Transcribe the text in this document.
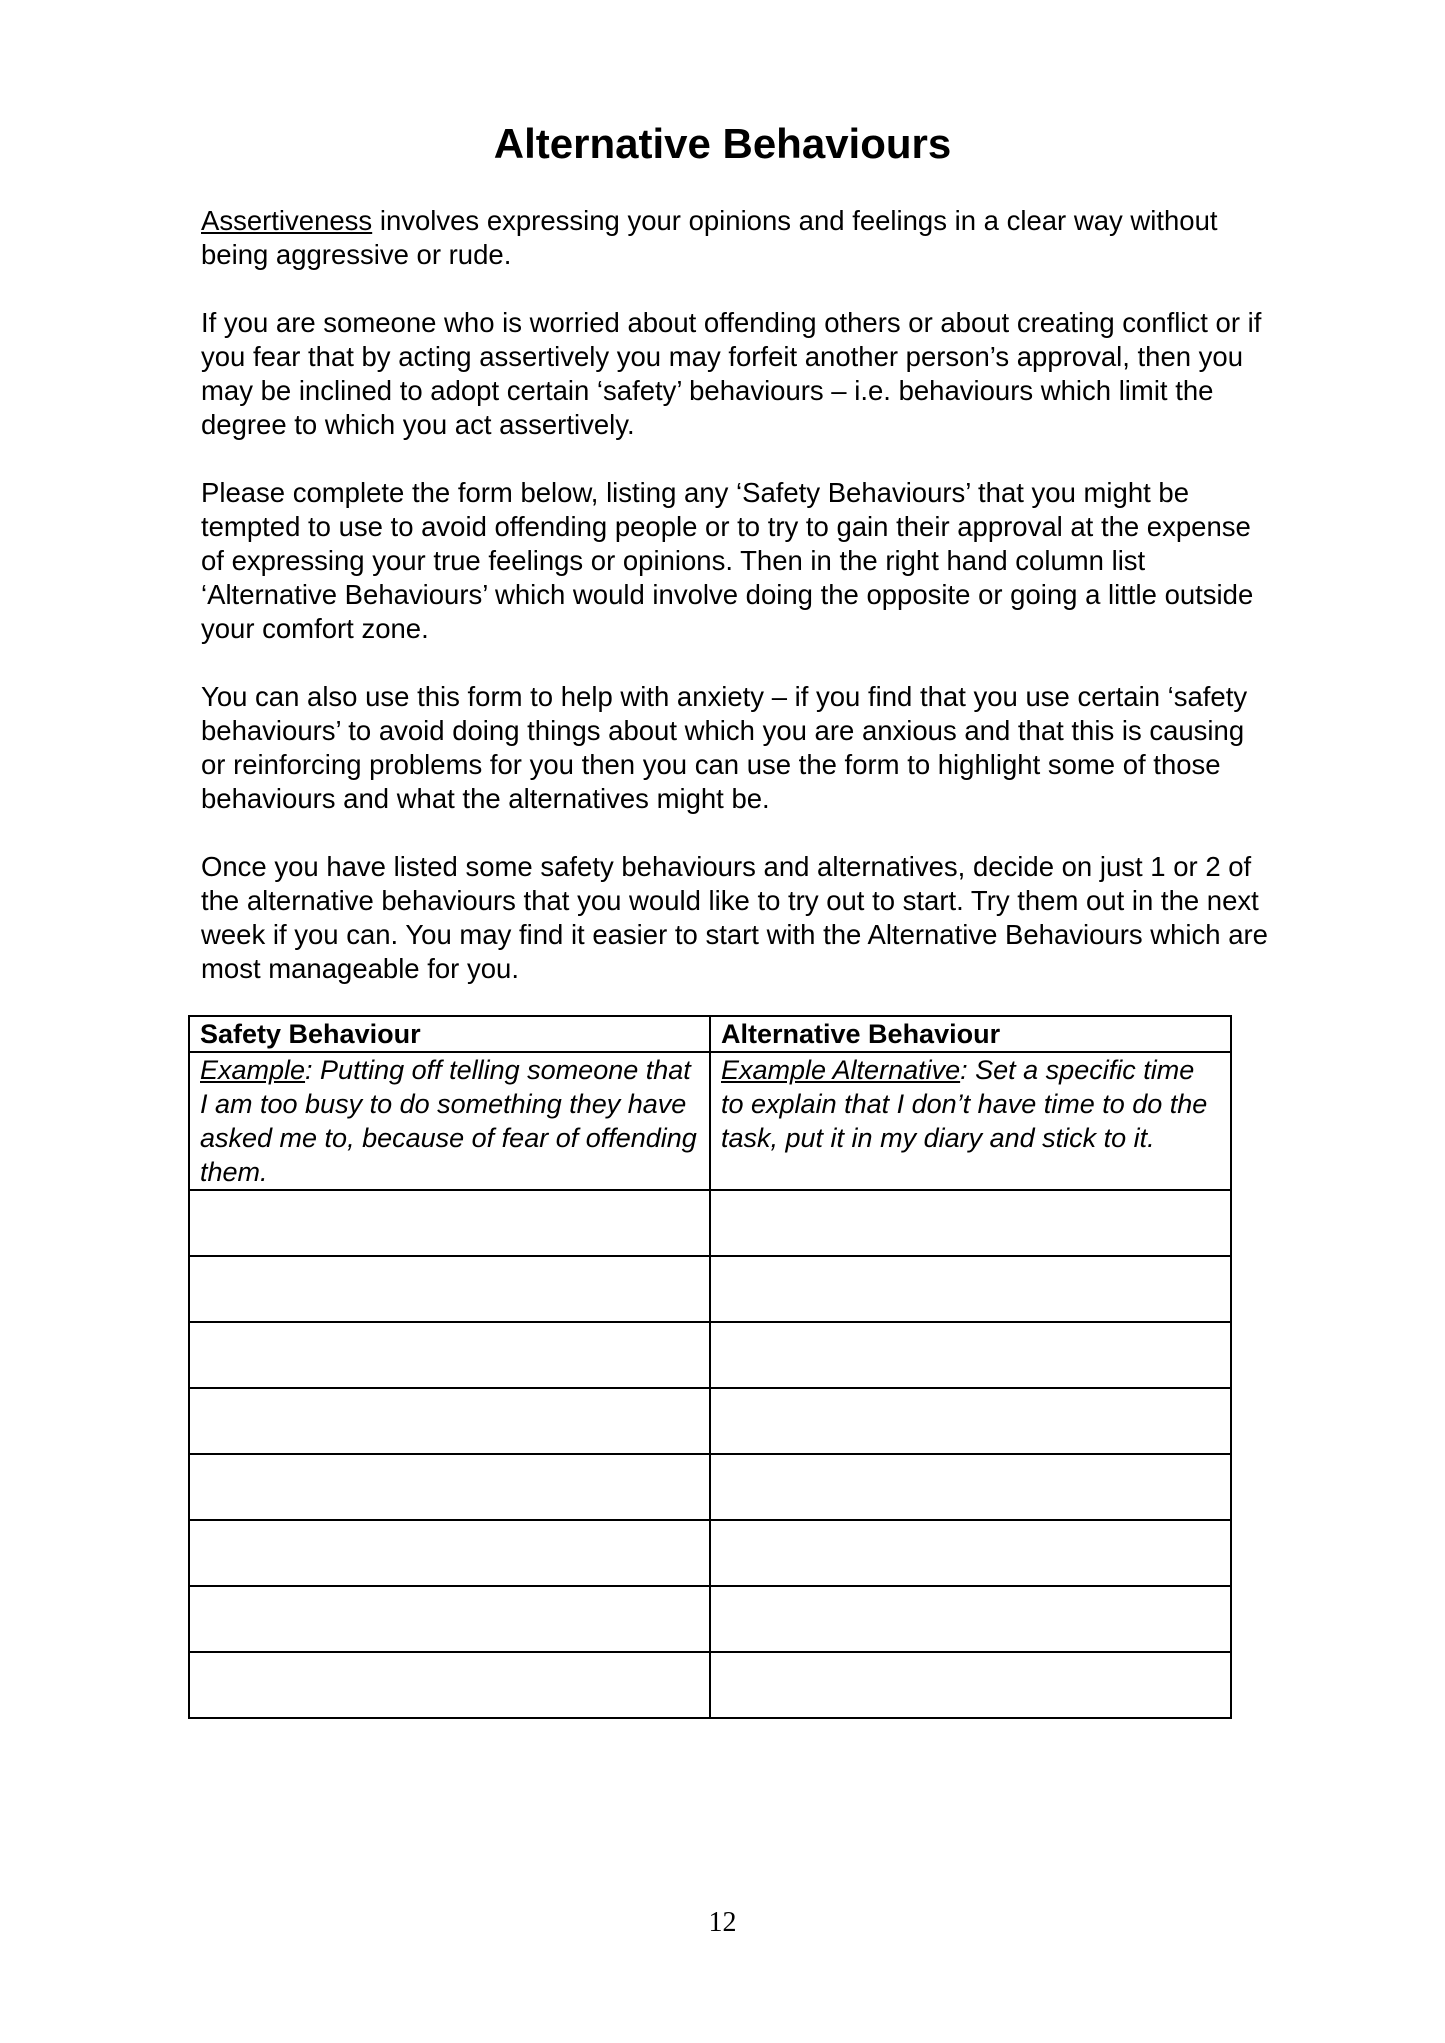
Alternative Behaviours

Assertiveness involves expressing your opinions and feelings in a clear way without being aggressive or rude.

If you are someone who is worried about offending others or about creating conflict or if you fear that by acting assertively you may forfeit another person’s approval, then you may be inclined to adopt certain ‘safety’ behaviours – i.e. behaviours which limit the degree to which you act assertively.

Please complete the form below, listing any ‘Safety Behaviours’ that you might be tempted to use to avoid offending people or to try to gain their approval at the expense of expressing your true feelings or opinions. Then in the right hand column list ‘Alternative Behaviours’ which would involve doing the opposite or going a little outside your comfort zone.

You can also use this form to help with anxiety – if you find that you use certain ‘safety behaviours’ to avoid doing things about which you are anxious and that this is causing or reinforcing problems for you then you can use the form to highlight some of those behaviours and what the alternatives might be.

Once you have listed some safety behaviours and alternatives, decide on just 1 or 2 of the alternative behaviours that you would like to try out to start. Try them out in the next week if you can. You may find it easier to start with the Alternative Behaviours which are most manageable for you.

Safety Behaviour	Alternative Behaviour
Example: Putting off telling someone that I am too busy to do something they have asked me to, because of fear of offending them.	Example Alternative: Set a specific time to explain that I don’t have time to do the task, put it in my diary and stick to it.

12
